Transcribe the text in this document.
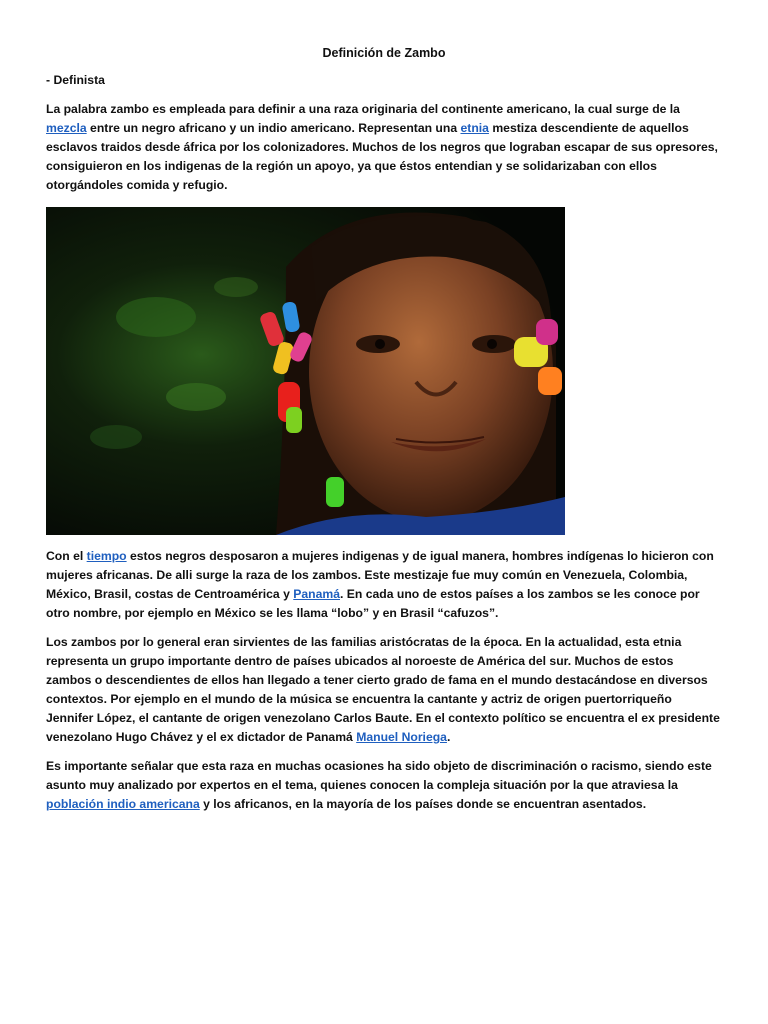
Definición de Zambo
- Definista

La palabra zambo es empleada para definir a una raza originaria del continente americano, la cual surge de la mezcla entre un negro africano y un indio americano. Representan una etnia mestiza descendiente de aquellos esclavos traidos desde áfrica por los colonizadores. Muchos de los negros que lograban escapar de sus opresores, consiguieron en los indigenas de la región un apoyo, ya que éstos entendian y se solidarizaban con ellos otorgándoles comida y refugio.

Con el tiempo estos negros desposaron a mujeres indigenas y de igual manera, hombres indígenas lo hicieron con mujeres africanas. De alli surge la raza de los zambos. Este mestizaje fue muy común en Venezuela, Colombia, México, Brasil, costas de Centroamérica y Panamá. En cada uno de estos países a los zambos se les conoce por otro nombre, por ejemplo en México se les llama “lobo” y en Brasil “cafuzos”.

Los zambos por lo general eran sirvientes de las familias aristócratas de la época. En la actualidad, esta etnia representa un grupo importante dentro de países ubicados al noroeste de América del sur. Muchos de estos zambos o descendientes de ellos han llegado a tener cierto grado de fama en el mundo destacándose en diversos contextos. Por ejemplo en el mundo de la música se encuentra la cantante y actriz de origen puertorriqueño Jennifer López, el cantante de origen venezolano Carlos Baute. En el contexto político se encuentra el ex presidente venezolano Hugo Chávez y el ex dictador de Panamá Manuel Noriega.

Es importante señalar que esta raza en muchas ocasiones ha sido objeto de discriminación o racismo, siendo este asunto muy analizado por expertos en el tema, quienes conocen la compleja situación por la que atraviesa la población indio americana y los africanos, en la mayoría de los países donde se encuentran asentados.
